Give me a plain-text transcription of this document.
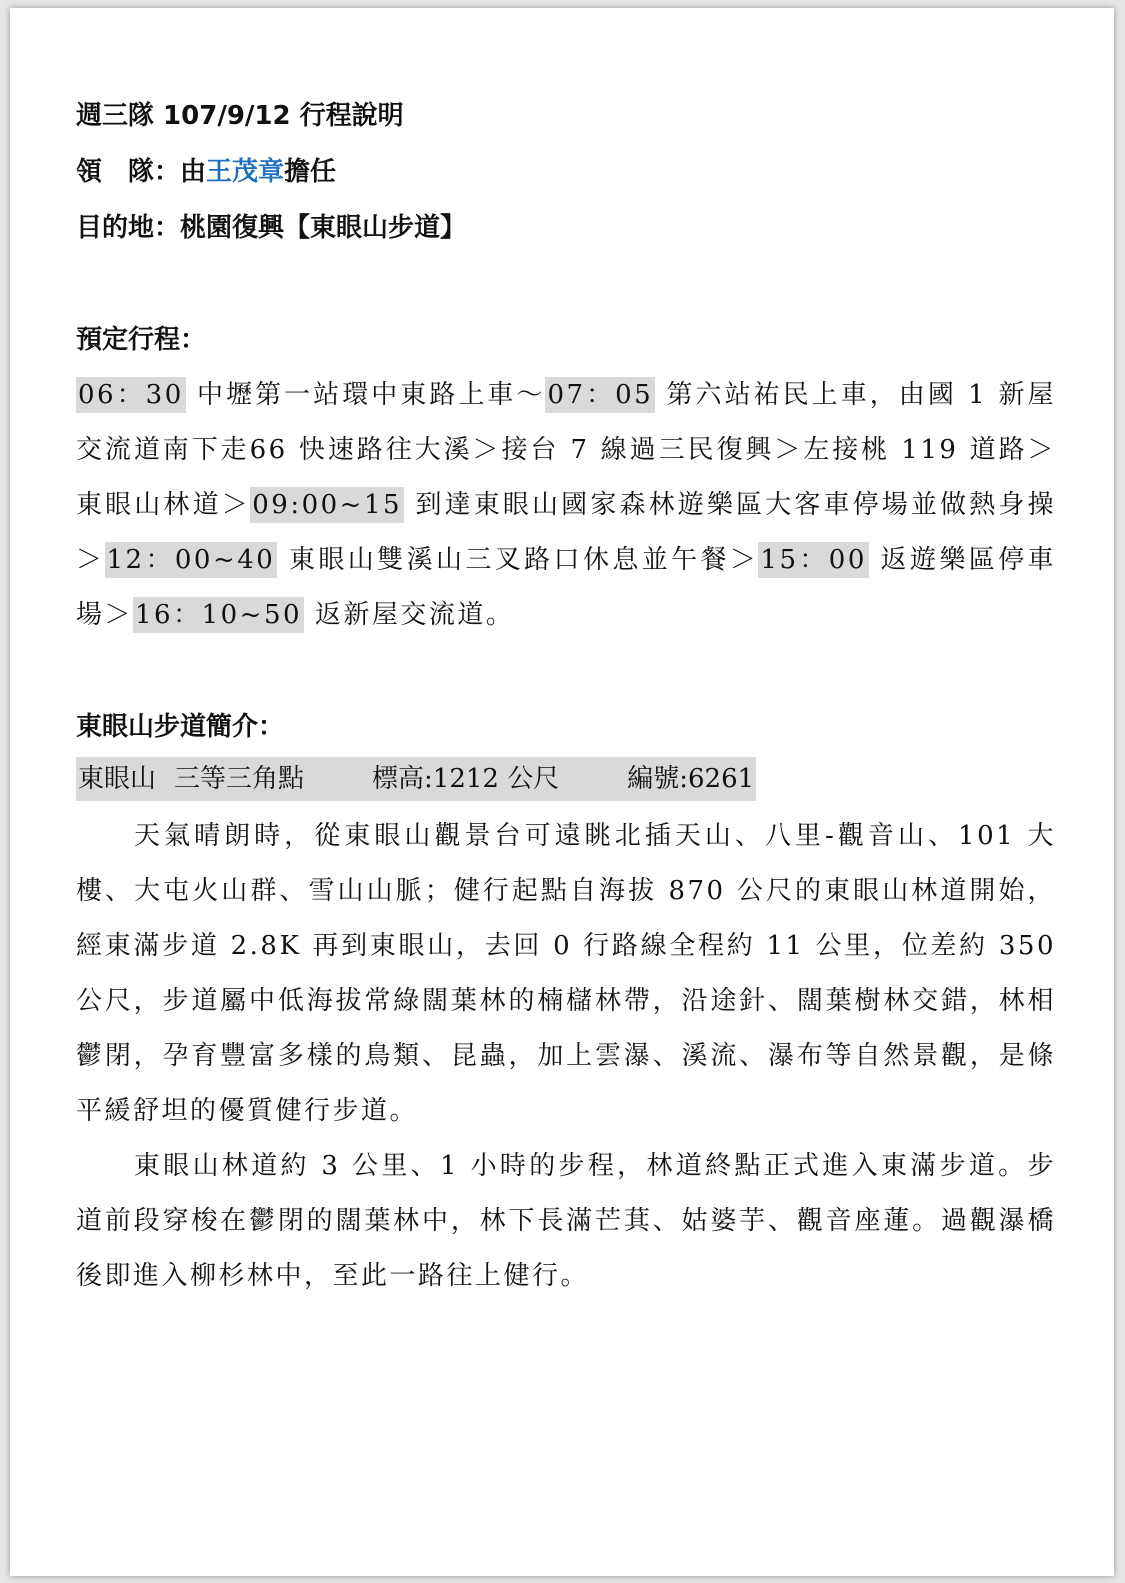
週三隊 107/9/12 行程說明
領　隊：由王茂章擔任
目的地：桃園復興【東眼山步道】
預定行程：

06：30 中壢第一站環中東路上車～07：05 第六站祐民上車，由國 1 新屋交流道南下走66 快速路往大溪＞接台 7 線過三民復興＞左接桃 119 道路＞東眼山林道＞09:00~15 到達東眼山國家森林遊樂區大客車停場並做熱身操＞12：00~40 東眼山雙溪山三叉路口休息並午餐＞15：00 返遊樂區停車場＞16：10~50 返新屋交流道。

東眼山步道簡介：
東眼山 三等三角點	標高:1212 公尺	編號:6261

天氣晴朗時，從東眼山觀景台可遠眺北插天山、八里-觀音山、101 大樓、大屯火山群、雪山山脈；健行起點自海拔 870 公尺的東眼山林道開始，經東滿步道 2.8K 再到東眼山，去回 0 行路線全程約 11 公里，位差約 350 公尺，步道屬中低海拔常綠闊葉林的楠櫧林帶，沿途針、闊葉樹林交錯，林相鬱閉，孕育豐富多樣的鳥類、昆蟲，加上雲瀑、溪流、瀑布等自然景觀，是條平緩舒坦的優質健行步道。

東眼山林道約 3 公里、1 小時的步程，林道終點正式進入東滿步道。步道前段穿梭在鬱閉的闊葉林中，林下長滿芒萁、姑婆芋、觀音座蓮。過觀瀑橋後即進入柳杉林中，至此一路往上健行。
